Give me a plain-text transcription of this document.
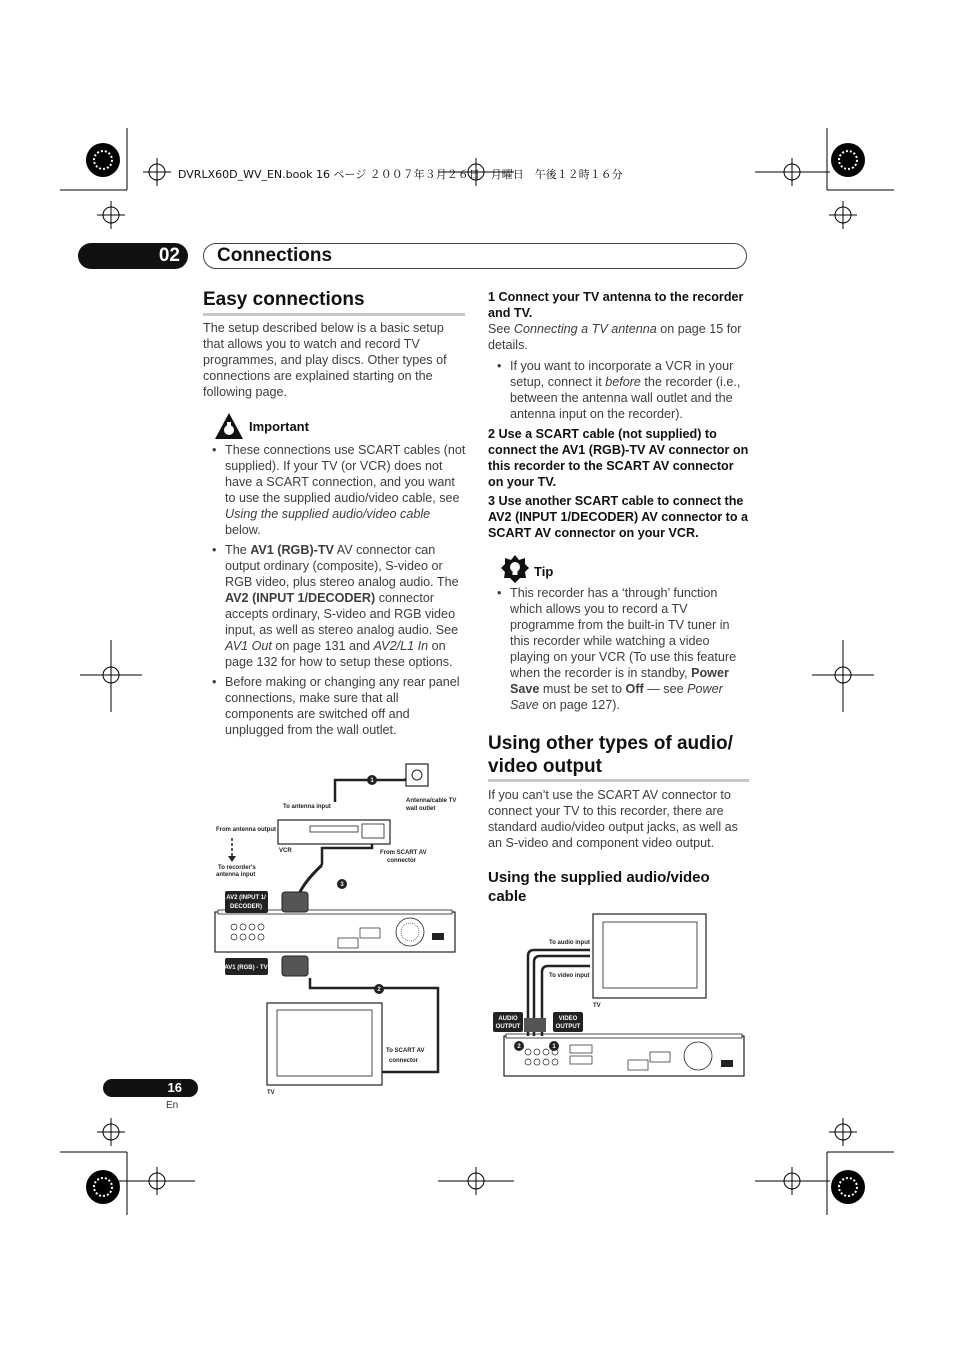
DVRLX60D_WV_EN.book 16 ページ ２００７年３月２６日　月曜日　午後１２時１６分
02 Connections
Easy connections
The setup described below is a basic setup that allows you to watch and record TV programmes, and play discs. Other types of connections are explained starting on the following page.
Important
• These connections use SCART cables (not supplied). If your TV (or VCR) does not have a SCART connection, and you want to use the supplied audio/video cable, see Using the supplied audio/video cable below.
• The AV1 (RGB)-TV AV connector can output ordinary (composite), S-video or RGB video, plus stereo analog audio. The AV2 (INPUT 1/DECODER) connector accepts ordinary, S-video and RGB video input, as well as stereo analog audio. See AV1 Out on page 131 and AV2/L1 In on page 132 for how to setup these options.
• Before making or changing any rear panel connections, make sure that all components are switched off and unplugged from the wall outlet.
To antenna input
Antenna/cable TV
wall outlet
From antenna output
VCR	From SCART AV
connector
To recorder's
antenna input
To SCART AV
connector
TV
AV2 (INPUT 1/
DECODER)
AV1 (RGB) - TV
1
3
2
1 Connect your TV antenna to the recorder and TV.
See Connecting a TV antenna on page 15 for details.
• If you want to incorporate a VCR in your setup, connect it before the recorder (i.e., between the antenna wall outlet and the antenna input on the recorder).
2 Use a SCART cable (not supplied) to connect the AV1 (RGB)-TV AV connector on this recorder to the SCART AV connector on your TV.
3 Use another SCART cable to connect the AV2 (INPUT 1/DECODER) AV connector to a SCART AV connector on your VCR.
Tip
• This recorder has a ‘through’ function which allows you to record a TV programme from the built-in TV tuner in this recorder while watching a video playing on your VCR (To use this feature when the recorder is in standby, Power Save must be set to Off — see Power Save on page 127).
Using other types of audio/
video output
If you can’t use the SCART AV connector to connect your TV to this recorder, there are standard audio/video output jacks, as well as an S-video and component video output.
Using the supplied audio/video
cable
To audio input
To video input
TV
AUDIO
OUTPUT
VIDEO
OUTPUT
2	1
16
En
